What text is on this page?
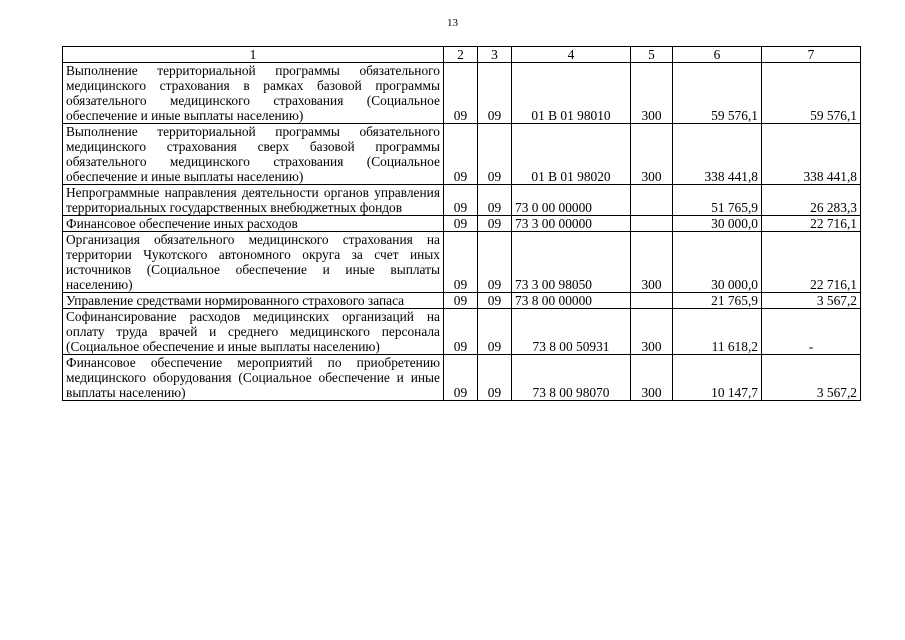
13
1	2	3	4	5	6	7
Выполнение территориальной программы обязательного медицинского страхования в рамках базовой программы обязательного медицинского страхования (Социальное обеспечение и иные выплаты населению)	09	09	01 В 01 98010	300	59 576,1	59 576,1
Выполнение территориальной программы обязательного медицинского страхования сверх базовой программы обязательного медицинского страхования (Социальное обеспечение и иные выплаты населению)	09	09	01 В 01 98020	300	338 441,8	338 441,8
Непрограммные направления деятельности органов управления территориальных государственных внебюджетных фондов	09	09	73 0 00 00000		51 765,9	26 283,3
Финансовое обеспечение иных расходов	09	09	73 3 00 00000		30 000,0	22 716,1
Организация обязательного медицинского страхования на территории Чукотского автономного округа за счет иных источников (Социальное обеспечение и иные выплаты населению)	09	09	73 3 00 98050	300	30 000,0	22 716,1
Управление средствами нормированного страхового запаса	09	09	73 8 00 00000		21 765,9	3 567,2
Софинансирование расходов медицинских организаций на оплату труда врачей и среднего медицинского персонала (Социальное обеспечение и иные выплаты населению)	09	09	73 8 00 50931	300	11 618,2	-
Финансовое обеспечение мероприятий по приобретению медицинского оборудования (Социальное обеспечение и иные выплаты населению)	09	09	73 8 00 98070	300	10 147,7	3 567,2
